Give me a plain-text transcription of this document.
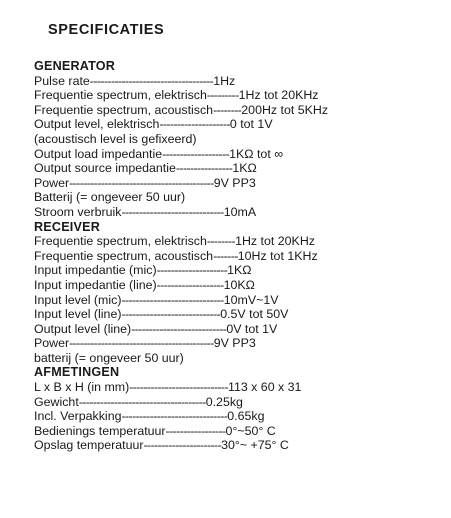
SPECIFICATIES
GENERATOR
Pulse rate-----------------------------------1Hz
Frequentie spectrum, elektrisch---------1Hz tot 20KHz
Frequentie spectrum, acoustisch--------200Hz tot 5KHz
Output level, elektrisch--------------------0 tot 1V
(acoustisch level is gefixeerd)
Output load impedantie-------------------1KΩ tot ∞
Output source impedantie----------------1KΩ
Power-----------------------------------------9V PP3
Batterij (= ongeveer 50 uur)
Stroom verbruik-----------------------------10mA
RECEIVER
Frequentie spectrum, elektrisch--------1Hz tot 20KHz
Frequentie spectrum, acoustisch-------10Hz tot 1KHz
Input impedantie (mic)--------------------1KΩ
Input impedantie (line)-------------------10KΩ
Input level (mic)-----------------------------10mV~1V
Input level (line)----------------------------0.5V tot 50V
Output level (line)---------------------------0V tot 1V
Power-----------------------------------------9V PP3
batterij (= ongeveer 50 uur)
AFMETINGEN
L x B x H (in mm)----------------------------113 x 60 x 31
Gewicht------------------------------------0.25kg
Incl. Verpakking------------------------------0.65kg
Bedienings temperatuur-----------------0°~50° C
Opslag temperatuur----------------------30°~ +75° C
